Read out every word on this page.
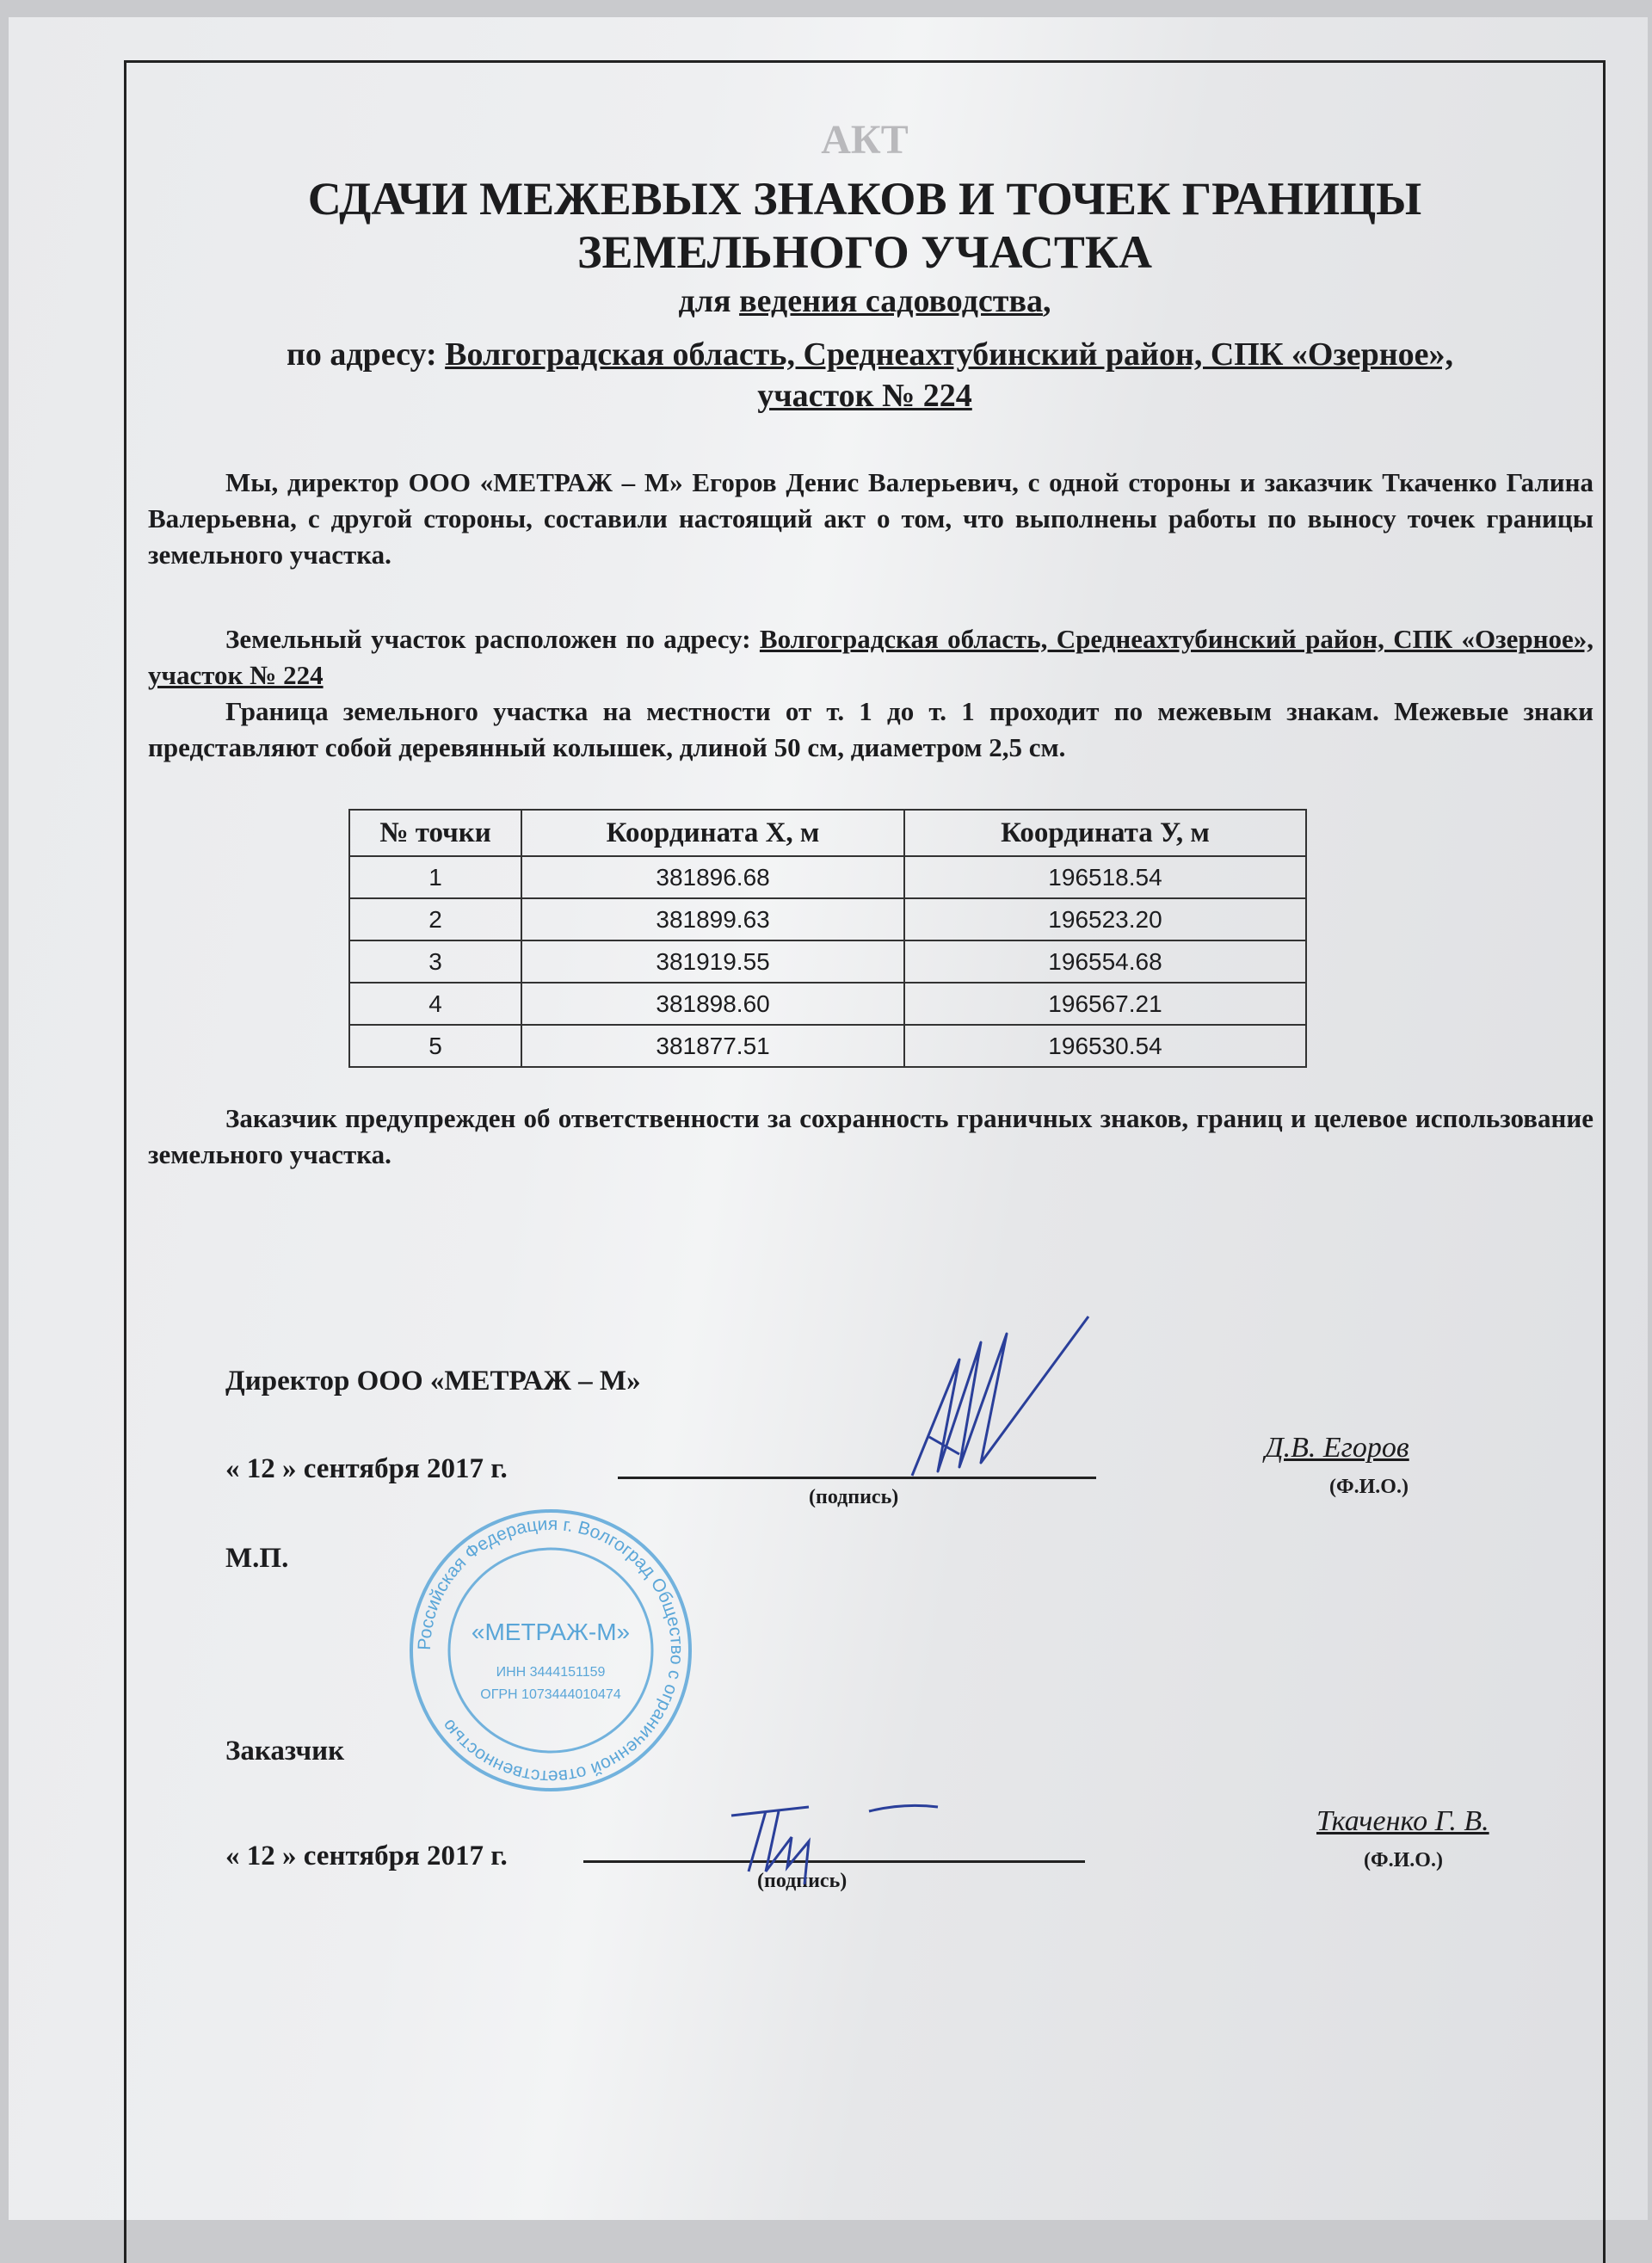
АКТ
СДАЧИ МЕЖЕВЫХ ЗНАКОВ И ТОЧЕК ГРАНИЦЫ
ЗЕМЕЛЬНОГО УЧАСТКА
для ведения садоводства,
по адресу: Волгоградская область, Среднеахтубинский район, СПК «Озерное»,
участок № 224

Мы, директор ООО «МЕТРАЖ – М» Егоров Денис Валерьевич, с одной стороны и заказчик Ткаченко Галина Валерьевна, с другой стороны, составили настоящий акт о том, что выполнены работы по выносу точек границы земельного участка.

Земельный участок расположен по адресу: Волгоградская область, Среднеахтубинский район, СПК «Озерное», участок № 224

Граница земельного участка на местности от т. 1 до т. 1 проходит по межевым знакам. Межевые знаки представляют собой деревянный колышек, длиной 50 см, диаметром 2,5 см.

№ точки	Координата X, м	Координата У, м
1	381896.68	196518.54
2	381899.63	196523.20
3	381919.55	196554.68
4	381898.60	196567.21
5	381877.51	196530.54

Заказчик предупрежден об ответственности за сохранность граничных знаков, границ и целевое использование земельного участка.

Российская Федерация г. Волгоград Общество с ограниченной ответственностью
«МЕТРАЖ-М»
ИНН 3444151159
ОГРН 1073444010474
Директор ООО «МЕТРАЖ – М»
« 12 » сентября 2017 г.
(подпись)
Д.В. Егоров
(Ф.И.О.)
М.П.
Заказчик
« 12 » сентября 2017 г.
(подпись)
Ткаченко Г. В.
(Ф.И.О.)
